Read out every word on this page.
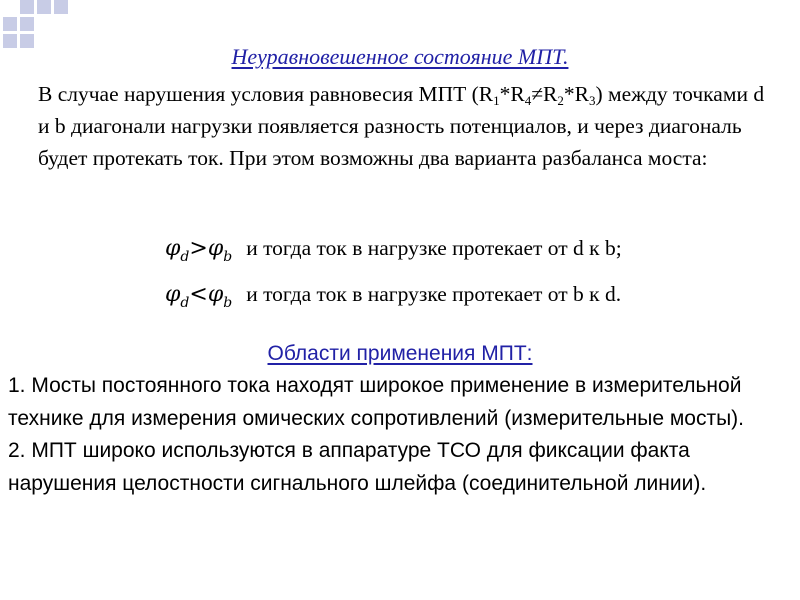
Неуравновешенное состояние МПТ.

В случае нарушения условия равновесия МПТ $(R_1*R_4\ne R_2*R_3)$ между точками d и b диагонали нагрузки появляется разность потенциалов, и через диагональ будет протекать ток. При этом возможны два варианта разбаланса моста:

$\varphi_d>\varphi_b$ и тогда ток в нагрузке протекает от d к b;
$\varphi_d<\varphi_b$ и тогда ток в нагрузке протекает от b к d.
Области применения МПТ:

1. Мосты постоянного тока находят широкое применение в измерительной технике для измерения омических сопротивлений (измерительные мосты).
2. МПТ широко используются в аппаратуре ТСО для фиксации факта нарушения целостности сигнального шлейфа (соединительной линии).
